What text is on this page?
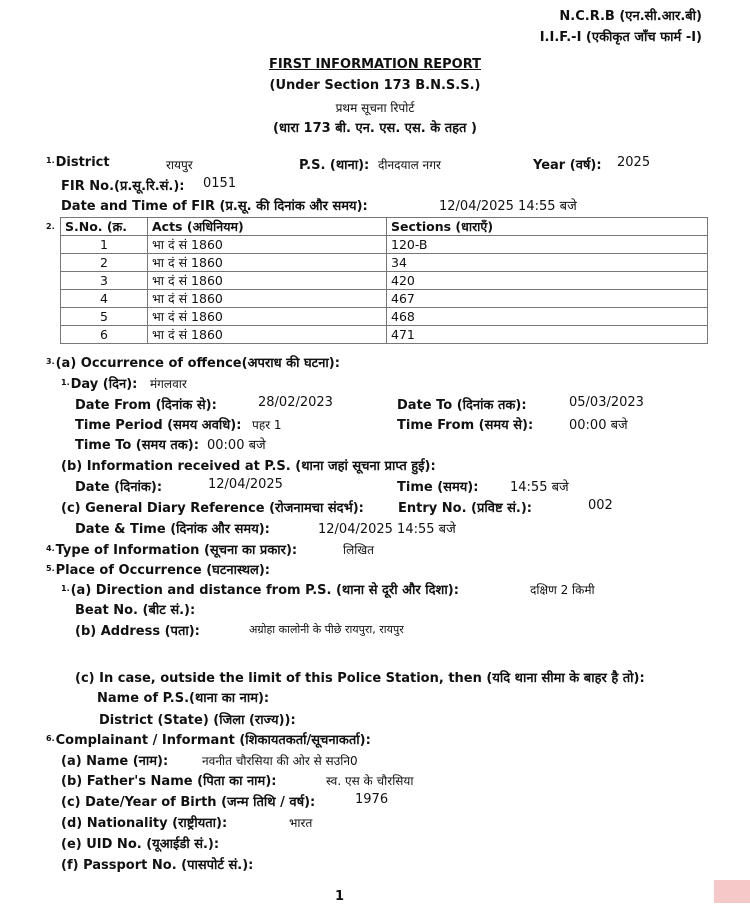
N.C.R.B (एन.सी.आर.बी)
I.I.F.-I (एकीकृत जाँच फार्म -I)
FIRST INFORMATION REPORT
(Under Section 173 B.N.S.S.)
प्रथम सूचना रिपोर्ट
(धारा 173 बी. एन. एस. एस. के तहत )
$^{1.}$District	रायपुर	P.S. (थाना): दीनदयाल नगर	Year (वर्ष): 2025
FIR No.(प्र.सू.रि.सं.): 0151
Date and Time of FIR (प्र.सू. की दिनांक और समय):	12/04/2025 14:55 बजे
2. S.No. (क्र.	Acts (अधिनियम)	Sections (धाराएँ)
1	भा दं सं 1860	120-B
2	भा दं सं 1860	34
3	भा दं सं 1860	420
4	भा दं सं 1860	467
5	भा दं सं 1860	468
6	भा दं सं 1860	471
$^{3.}$(a) Occurrence of offence(अपराध की घटना):
$^{1.}$Day (दिन): मंगलवार
Date From (दिनांक से):	28/02/2023	Date To (दिनांक तक):	05/03/2023
Time Period (समय अवधि): पहर 1	Time From (समय से):	00:00 बजे
Time To (समय तक): 00:00 बजे
(b) Information received at P.S. (थाना जहां सूचना प्राप्त हुई):
Date (दिनांक):	12/04/2025	Time (समय): 14:55 बजे
(c) General Diary Reference (रोजनामचा संदर्भ):	Entry No. (प्रविष्ट सं.):	002
Date & Time (दिनांक और समय):	12/04/2025 14:55 बजे
$^{4.}$Type of Information (सूचना का प्रकार):	लिखित
$^{5.}$Place of Occurrence (घटनास्थल):
$^{1.}$(a) Direction and distance from P.S. (थाना से दूरी और दिशा):	दक्षिण 2 किमी
Beat No. (बीट सं.):
(b) Address (पता):	अग्रोहा कालोनी के पीछे रायपुरा, रायपुर
(c) In case, outside the limit of this Police Station, then (यदि थाना सीमा के बाहर है तो):
Name of P.S.(थाना का नाम):
District (State) (जिला (राज्य)):
$^{6.}$Complainant / Informant (शिकायतकर्ता/सूचनाकर्ता):
(a) Name (नाम):	नवनीत चौरसिया की ओर से सउनि0
(b) Father's Name (पिता का नाम):	स्व. एस के चौरसिया
(c) Date/Year of Birth (जन्म तिथि / वर्ष):	1976
(d) Nationality (राष्ट्रीयता):	भारत
(e) UID No. (यूआईडी सं.):
(f) Passport No. (पासपोर्ट सं.):
1
